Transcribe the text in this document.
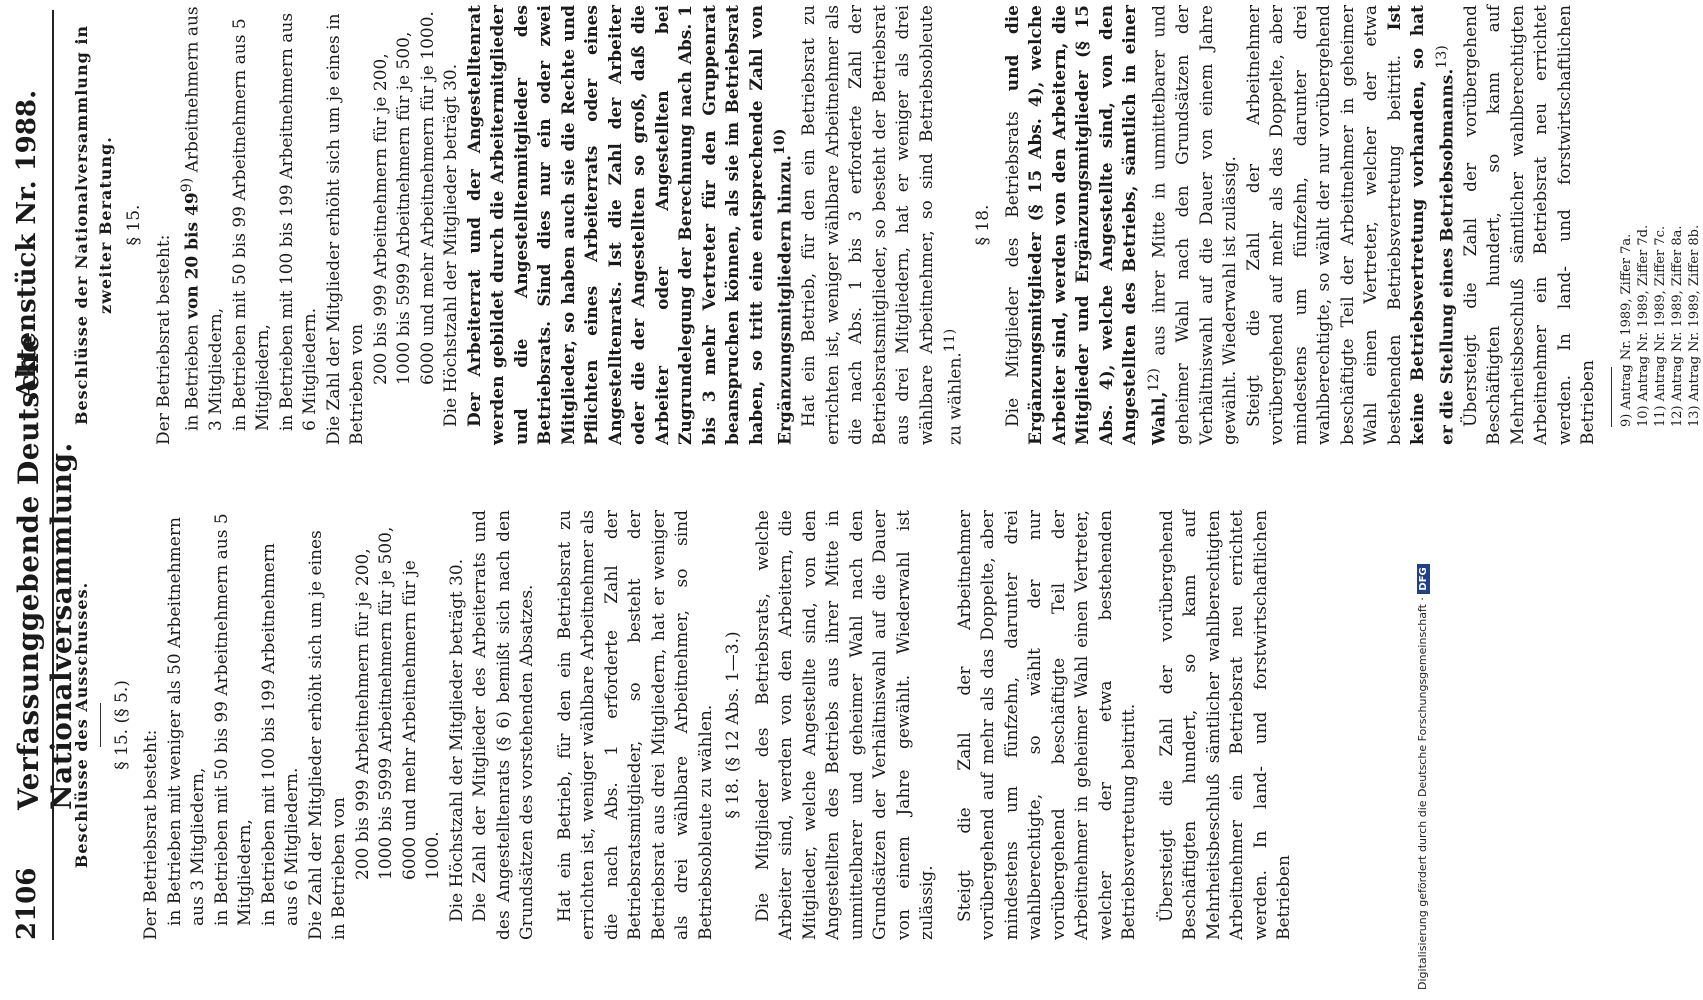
2106
Verfassunggebende Deutsche Nationalversammlung.
Aktenstück Nr. 1988.
Beschlüsse des Ausschusses. § 15. (§ 5.)

Der Betriebsrat besteht: in Betrieben mit weniger als 50 Arbeitnehmern aus 3 Mitgliedern, in Betrieben mit 50 bis 99 Arbeitnehmern aus 5 Mitgliedern, in Betrieben mit 100 bis 199 Arbeitnehmern aus 6 Mitgliedern. Die Zahl der Mitglieder erhöht sich um je eines in Betrieben von 200 bis 999 Arbeitnehmern für je 200, 1000 bis 5999 Arbeitnehmern für je 500, 6000 und mehr Arbeitnehmern für je 1000. Die Höchstzahl der Mitglieder beträgt 30. Die Zahl der Mitglieder des Arbeiterrats und des Angestelltenrats (§ 6) bemißt sich nach den Grundsätzen des vorstehenden Absatzes. Hat ein Betrieb, für den ein Betriebsrat zu errichten ist, weniger wählbare Arbeitnehmer als die nach Abs. 1 erforderte Zahl der Betriebsratsmitglieder, so besteht der Betriebsrat aus drei Mitgliedern, hat er weniger als drei wählbare Arbeitnehmer, so sind Betriebsobleute zu wählen. § 18. (§ 12 Abs. 1—3.) Die Mitglieder des Betriebsrats, welche Arbeiter sind, werden von den Arbeitern, die Mitglieder, welche Angestellte sind, von den Angestellten des Betriebs aus ihrer Mitte in unmittelbarer und geheimer Wahl nach den Grundsätzen der Verhältniswahl auf die Dauer von einem Jahre gewählt. Wiederwahl ist zulässig. Steigt die Zahl der Arbeitnehmer vorübergehend auf mehr als das Doppelte, aber mindestens um fünfzehn, darunter drei wahlberechtigte, so wählt der nur vorübergehend beschäftigte Teil der Arbeitnehmer in geheimer Wahl einen Vertreter, welcher der etwa bestehenden Betriebsvertretung beitritt. Übersteigt die Zahl der vorübergehend Beschäftigten hundert, so kann auf Mehrheitsbeschluß sämtlicher wahlberechtigten Arbeitnehmer ein Betriebsrat neu errichtet werden. In land- und forstwirtschaftlichen Betrieben

Beschlüsse der Nationalversammlung in zweiter Beratung. § 15.

Der Betriebsrat besteht: in Betrieben von 20 bis 49$^{9)}$ Arbeitnehmern aus 3 Mitgliedern, in Betrieben mit 50 bis 99 Arbeitnehmern aus 5 Mitgliedern, in Betrieben mit 100 bis 199 Arbeitnehmern aus 6 Mitgliedern. Die Zahl der Mitglieder erhöht sich um je eines in Betrieben von 200 bis 999 Arbeitnehmern für je 200, 1000 bis 5999 Arbeitnehmern für je 500, 6000 und mehr Arbeitnehmern für je 1000. Die Höchstzahl der Mitglieder beträgt 30. Der Arbeiterrat und der Angestelltenrat werden gebildet durch die Arbeitermitglieder und die Angestelltenmitglieder des Betriebsrats. Sind dies nur ein oder zwei Mitglieder, so haben auch sie die Rechte und Pflichten eines Arbeiterrats oder eines Angestelltenrats. Ist die Zahl der Arbeiter oder die der Angestellten so groß, daß die Arbeiter oder Angestellten bei Zugrundelegung der Berechnung nach Abs. 1 bis 3 mehr Vertreter für den Gruppenrat beanspruchen können, als sie im Betriebsrat haben, so tritt eine entsprechende Zahl von Ergänzungsmitgliedern hinzu.$^{10)}$ Hat ein Betrieb, für den ein Betriebsrat zu errichten ist, weniger wählbare Arbeitnehmer als die nach Abs. 1 bis 3 erforderte Zahl der Betriebsratsmitglieder, so besteht der Betriebsrat aus drei Mitgliedern, hat er weniger als drei wählbare Arbeitnehmer, so sind Betriebsobleute zu wählen.$^{11)}$

§ 18. Die Mitglieder des Betriebsrats und die Ergänzungsmitglieder (§ 15 Abs. 4), welche Arbeiter sind, werden von den Arbeitern, die Mitglieder und Ergänzungsmitglieder (§ 15 Abs. 4), welche Angestellte sind, von den Angestellten des Betriebs, sämtlich in einer Wahl,$^{12)}$ aus ihrer Mitte in unmittelbarer und geheimer Wahl nach den Grundsätzen der Verhältniswahl auf die Dauer von einem Jahre gewählt. Wiederwahl ist zulässig. Steigt die Zahl der Arbeitnehmer vorübergehend auf mehr als das Doppelte, aber mindestens um fünfzehn, darunter drei wahlberechtigte, so wählt der nur vorübergehend beschäftigte Teil der Arbeitnehmer in geheimer Wahl einen Vertreter, welcher der etwa bestehenden Betriebsvertretung beitritt. Ist keine Betriebsvertretung vorhanden, so hat er die Stellung eines Betriebsobmanns.$^{13)}$ Übersteigt die Zahl der vorübergehend Beschäftigten hundert, so kann auf Mehrheitsbeschluß sämtlicher wahlberechtigten Arbeitnehmer ein Betriebsrat neu errichtet werden. In land- und forstwirtschaftlichen Betrieben 9) Antrag Nr. 1989, Ziffer 7a. 10) Antrag Nr. 1989, Ziffer 7d. 11) Antrag Nr. 1989, Ziffer 7c. 12) Antrag Nr. 1989, Ziffer 8a. 13) Antrag Nr. 1989, Ziffer 8b.

Digitalisierung gefördert durch die Deutsche Forschungsgemeinschaft · DFG
